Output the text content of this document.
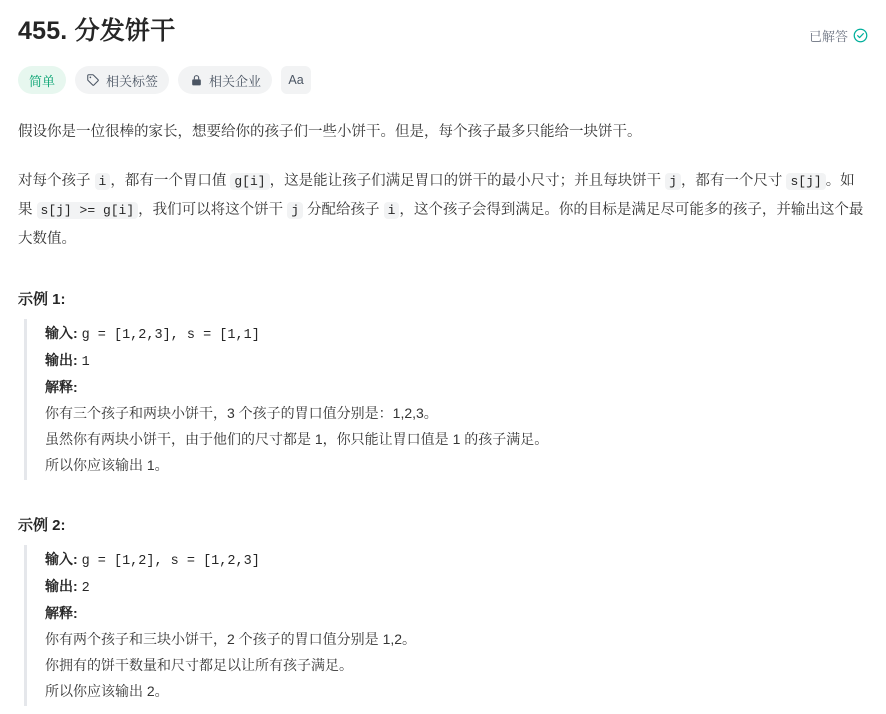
455. 分发饼干	已解答
简单	相关标签	相关企业 Aa
假设你是一位很棒的家长，想要给你的孩子们一些小饼干。但是，每个孩子最多只能给一块饼干。
对每个孩子 i ，都有一个胃口值 g[i] ，这是能让孩子们满足胃口的饼干的最小尺寸；并且每块饼干 j ，都有一个尺寸 s[j] 。如果 s[j] >= g[i] ，我们可以将这个饼干 j 分配给孩子 i ，这个孩子会得到满足。你的目标是满足尽可能多的孩子，并输出这个最大数值。
示例 1:
输入: g = [1,2,3], s = [1,1]
输出: 1
解释:
你有三个孩子和两块小饼干，3 个孩子的胃口值分别是：1,2,3。
虽然你有两块小饼干，由于他们的尺寸都是 1，你只能让胃口值是 1 的孩子满足。
所以你应该输出 1。
示例 2:
输入: g = [1,2], s = [1,2,3]
输出: 2
解释:
你有两个孩子和三块小饼干，2 个孩子的胃口值分别是 1,2。
你拥有的饼干数量和尺寸都足以让所有孩子满足。
所以你应该输出 2。
